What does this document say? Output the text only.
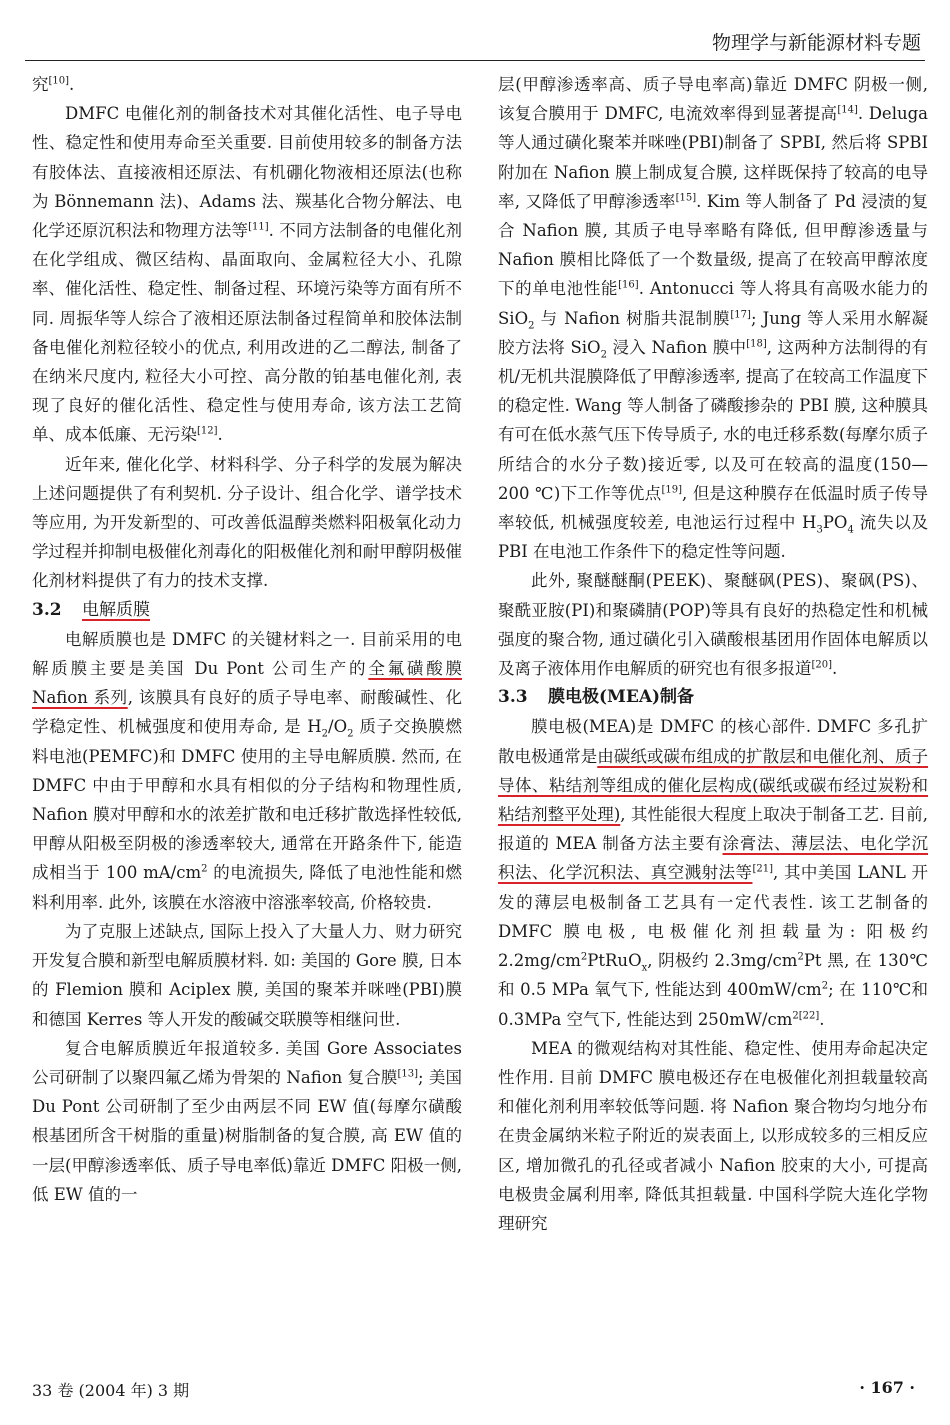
物理学与新能源材料专题

究[10].

DMFC 电催化剂的制备技术对其催化活性、电子导电性、稳定性和使用寿命至关重要. 目前使用较多的制备方法有胶体法、直接液相还原法、有机硼化物液相还原法(也称为 Bönnemann 法)、Adams 法、羰基化合物分解法、电化学还原沉积法和物理方法等[11]. 不同方法制备的电催化剂在化学组成、微区结构、晶面取向、金属粒径大小、孔隙率、催化活性、稳定性、制备过程、环境污染等方面有所不同. 周振华等人综合了液相还原法制备过程简单和胶体法制备电催化剂粒径较小的优点, 利用改进的乙二醇法, 制备了在纳米尺度内, 粒径大小可控、高分散的铂基电催化剂, 表现了良好的催化活性、稳定性与使用寿命, 该方法工艺简单、成本低廉、无污染[12].

近年来, 催化化学、材料科学、分子科学的发展为解决上述问题提供了有利契机. 分子设计、组合化学、谱学技术等应用, 为开发新型的、可改善低温醇类燃料阳极氧化动力学过程并抑制电极催化剂毒化的阳极催化剂和耐甲醇阴极催化剂材料提供了有力的技术支撑.

3.2 电解质膜

电解质膜也是 DMFC 的关键材料之一. 目前采用的电解质膜主要是美国 Du Pont 公司生产的全氟磺酸膜 Nafion 系列, 该膜具有良好的质子导电率、耐酸碱性、化学稳定性、机械强度和使用寿命, 是 $H_2/O_2$ 质子交换膜燃料电池(PEMFC)和 DMFC 使用的主导电解质膜. 然而, 在 DMFC 中由于甲醇和水具有相似的分子结构和物理性质, Nafion 膜对甲醇和水的浓差扩散和电迁移扩散选择性较低, 甲醇从阳极至阴极的渗透率较大, 通常在开路条件下, 能造成相当于 100 $mA/cm^2$ 的电流损失, 降低了电池性能和燃料利用率. 此外, 该膜在水溶液中溶涨率较高, 价格较贵.

为了克服上述缺点, 国际上投入了大量人力、财力研究开发复合膜和新型电解质膜材料. 如: 美国的 Gore 膜, 日本的 Flemion 膜和 Aciplex 膜, 美国的聚苯并咪唑(PBI)膜和德国 Kerres 等人开发的酸碱交联膜等相继问世.

复合电解质膜近年报道较多. 美国 Gore Associates 公司研制了以聚四氟乙烯为骨架的 Nafion 复合膜[13]; 美国 Du Pont 公司研制了至少由两层不同 EW 值(每摩尔磺酸根基团所含干树脂的重量)树脂制备的复合膜, 高 EW 值的一层(甲醇渗透率低、质子导电率低)靠近 DMFC 阳极一侧, 低 EW 值的一

层(甲醇渗透率高、质子导电率高)靠近 DMFC 阴极一侧, 该复合膜用于 DMFC, 电流效率得到显著提高[14]. Deluga 等人通过磺化聚苯并咪唑(PBI)制备了 SPBI, 然后将 SPBI 附加在 Nafion 膜上制成复合膜, 这样既保持了较高的电导率, 又降低了甲醇渗透率[15]. Kim 等人制备了 Pd 浸渍的复合 Nafion 膜, 其质子电导率略有降低, 但甲醇渗透量与 Nafion 膜相比降低了一个数量级, 提高了在较高甲醇浓度下的单电池性能[16]. Antonucci 等人将具有高吸水能力的 SiO$_2$ 与 Nafion 树脂共混制膜[17]; Jung 等人采用水解凝胶方法将 SiO$_2$ 浸入 Nafion 膜中[18], 这两种方法制得的有机/无机共混膜降低了甲醇渗透率, 提高了在较高工作温度下的稳定性. Wang 等人制备了磷酸掺杂的 PBI 膜, 这种膜具有可在低水蒸气压下传导质子, 水的电迁移系数(每摩尔质子所结合的水分子数)接近零, 以及可在较高的温度(150—200 ℃)下工作等优点[19], 但是这种膜存在低温时质子传导率较低, 机械强度较差, 电池运行过程中 $H_3PO_4$ 流失以及 PBI 在电池工作条件下的稳定性等问题.

此外, 聚醚醚酮(PEEK)、聚醚砜(PES)、聚砜(PS)、聚酰亚胺(PI)和聚磷腈(POP)等具有良好的热稳定性和机械强度的聚合物, 通过磺化引入磺酸根基团用作固体电解质以及离子液体用作电解质的研究也有很多报道[20].

3.3 膜电极(MEA)制备

膜电极(MEA)是 DMFC 的核心部件. DMFC 多孔扩散电极通常是由碳纸或碳布组成的扩散层和电催化剂、质子导体、粘结剂等组成的催化层构成(碳纸或碳布经过炭粉和粘结剂整平处理), 其性能很大程度上取决于制备工艺. 目前, 报道的 MEA 制备方法主要有涂膏法、薄层法、电化学沉积法、化学沉积法、真空溅射法等[21], 其中美国 LANL 开发的薄层电极制备工艺具有一定代表性. 该工艺制备的 DMFC 膜电极, 电极催化剂担载量为: 阳极约 $2.2mg/cm^2PtRuO_x$, 阴极约 $2.3mg/cm^2Pt$ 黑, 在 130℃和 0.5 MPa 氧气下, 性能达到 $400mW/cm^2$; 在 110℃和 0.3MPa 空气下, 性能达到 $250mW/cm^{2[22]}$.

MEA 的微观结构对其性能、稳定性、使用寿命起决定性作用. 目前 DMFC 膜电极还存在电极催化剂担载量较高和催化剂利用率较低等问题. 将 Nafion 聚合物均匀地分布在贵金属纳米粒子附近的炭表面上, 以形成较多的三相反应区, 增加微孔的孔径或者减小 Nafion 胶束的大小, 可提高电极贵金属利用率, 降低其担载量. 中国科学院大连化学物理研究

33 卷 (2004 年) 3 期	· 167 ·
